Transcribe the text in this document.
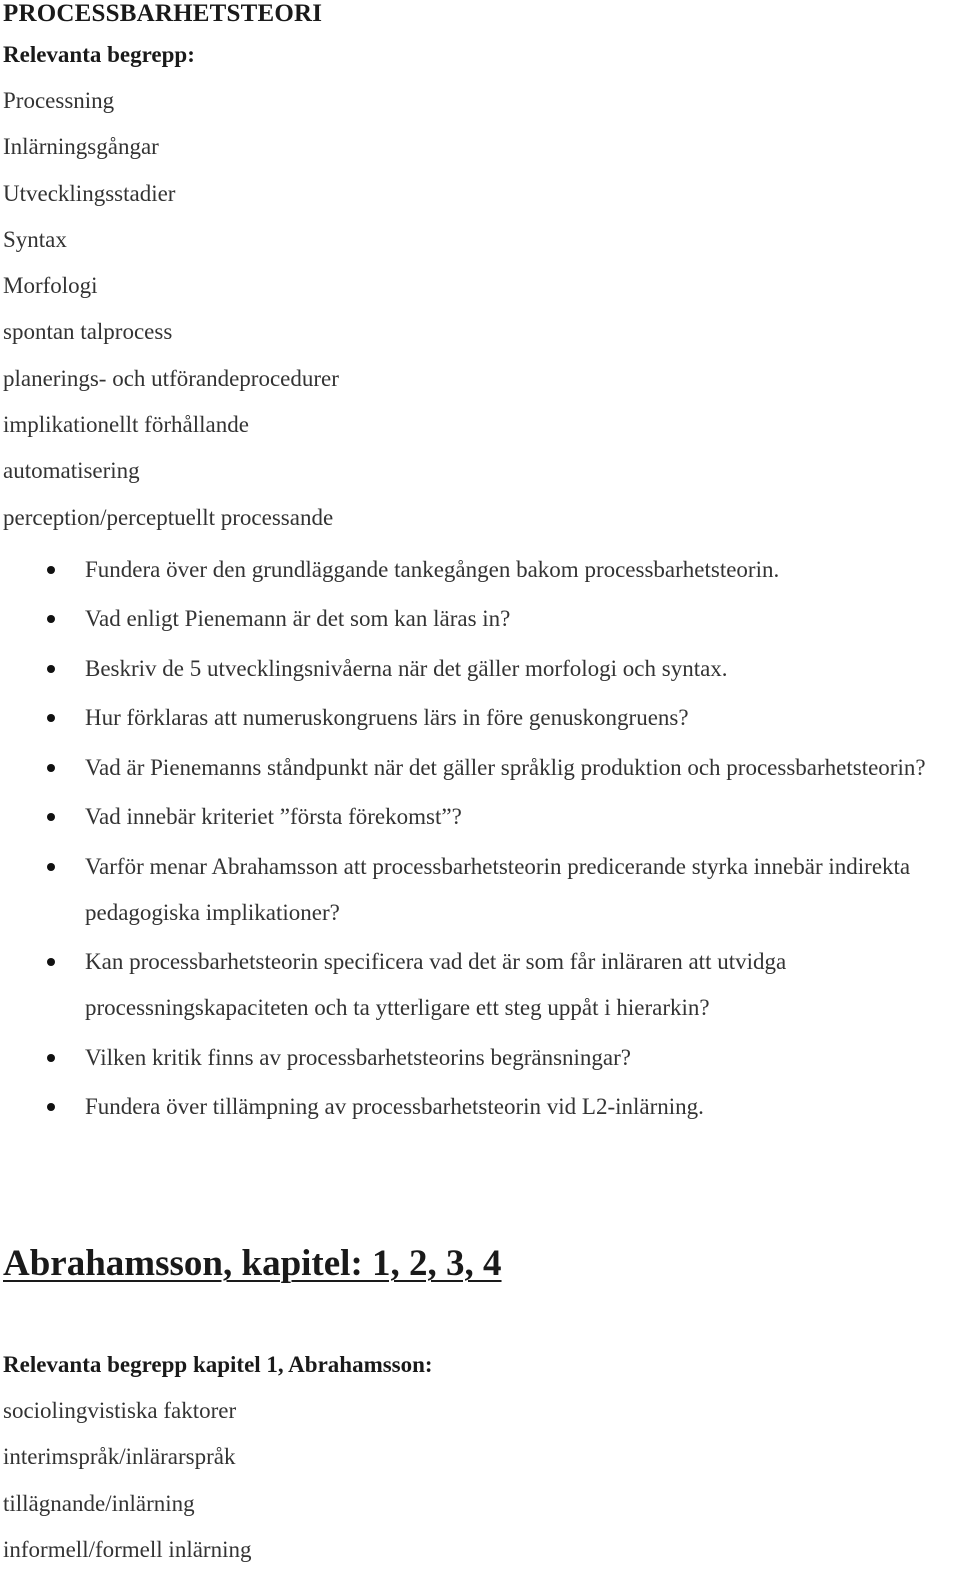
PROCESSBARHETSTEORI
Relevanta begrepp:
Processning
Inlärningsgångar
Utvecklingsstadier
Syntax
Morfologi
spontan talprocess
planerings- och utförandeprocedurer
implikationellt förhållande
automatisering
perception/perceptuellt processande
Fundera över den grundläggande tankegången bakom processbarhetsteorin.
Vad enligt Pienemann är det som kan läras in?
Beskriv de 5 utvecklingsnivåerna när det gäller morfologi och syntax.
Hur förklaras att numeruskongruens lärs in före genuskongruens?
Vad är Pienemanns ståndpunkt när det gäller språklig produktion och processbarhetsteorin?
Vad innebär kriteriet ”första förekomst”?
Varför menar Abrahamsson att processbarhetsteorin predicerande styrka innebär indirekta pedagogiska implikationer?
Kan processbarhetsteorin specificera vad det är som får inläraren att utvidga processningskapaciteten och ta ytterligare ett steg uppåt i hierarkin?
Vilken kritik finns av processbarhetsteorins begränsningar?
Fundera över tillämpning av processbarhetsteorin vid L2-inlärning.
Abrahamsson, kapitel: 1, 2, 3, 4
Relevanta begrepp kapitel 1, Abrahamsson:
sociolingvistiska faktorer
interimspråk/inlärarspråk
tillägnande/inlärning
informell/formell inlärning
